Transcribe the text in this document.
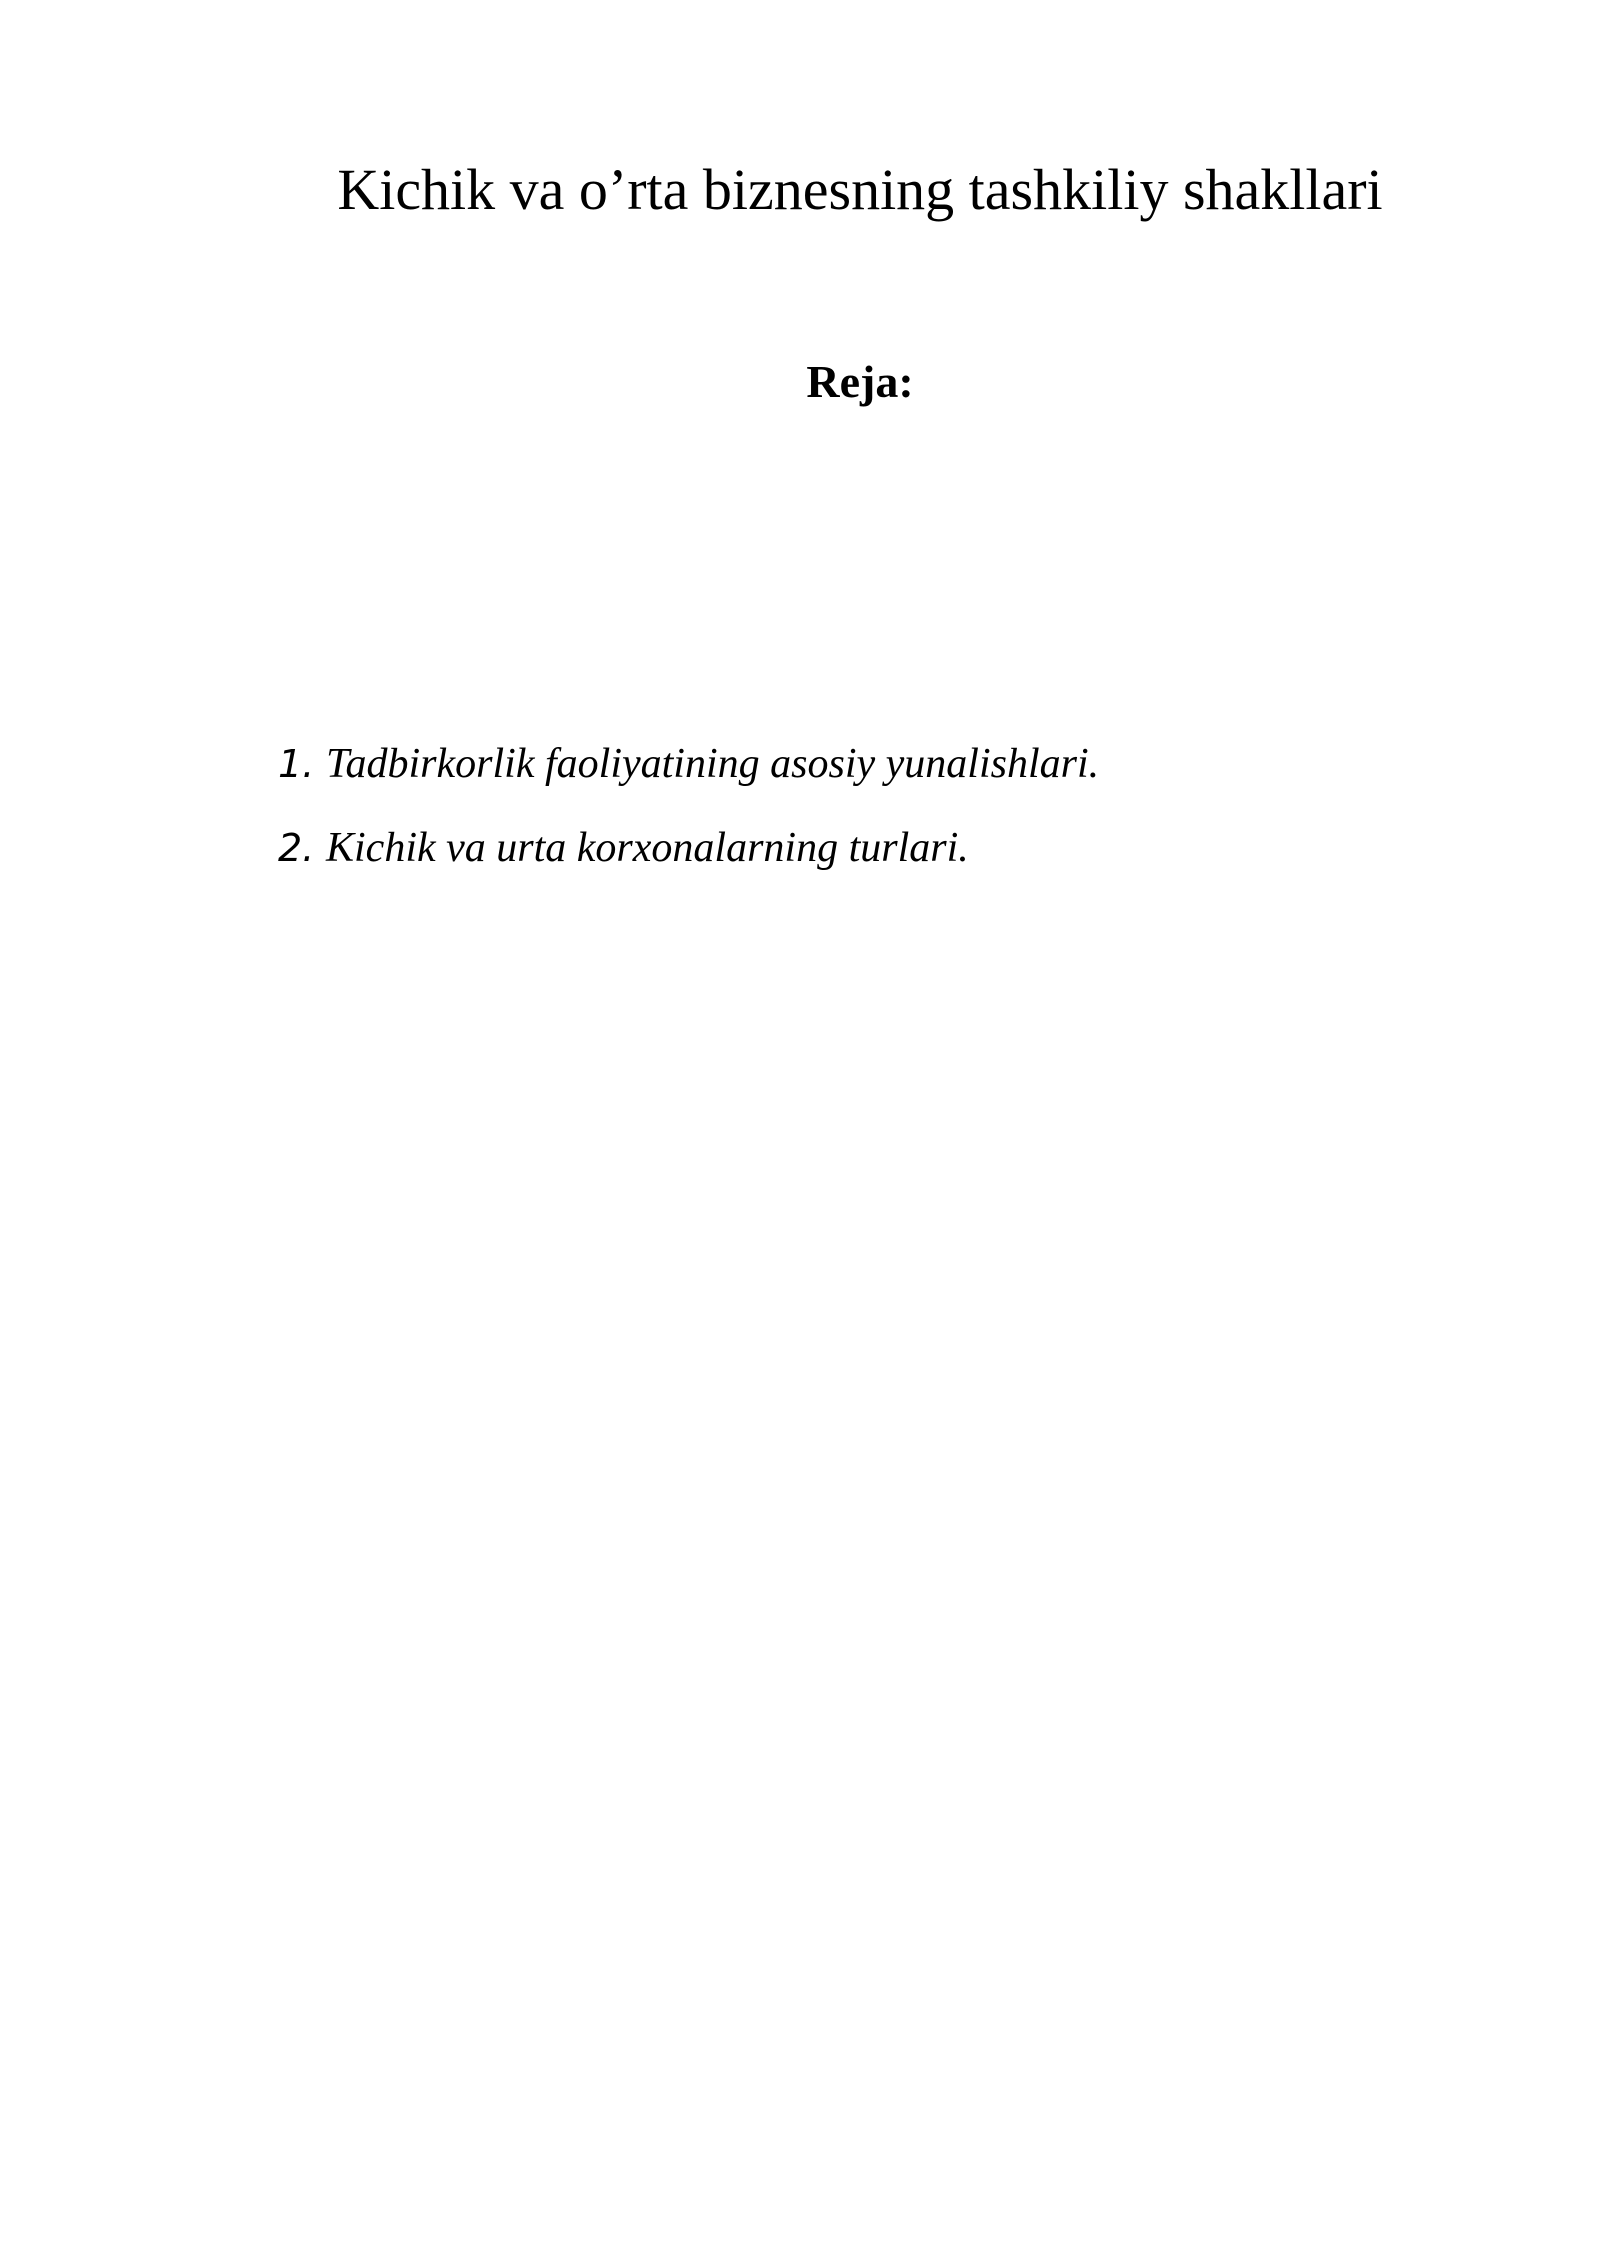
Kichik va o’rta biznesning tashkiliy shakllari
Reja:
1. Tadbirkorlik faoliyatining asosiy yunalishlari.
2. Kichik va urta korxonalarning turlari.
